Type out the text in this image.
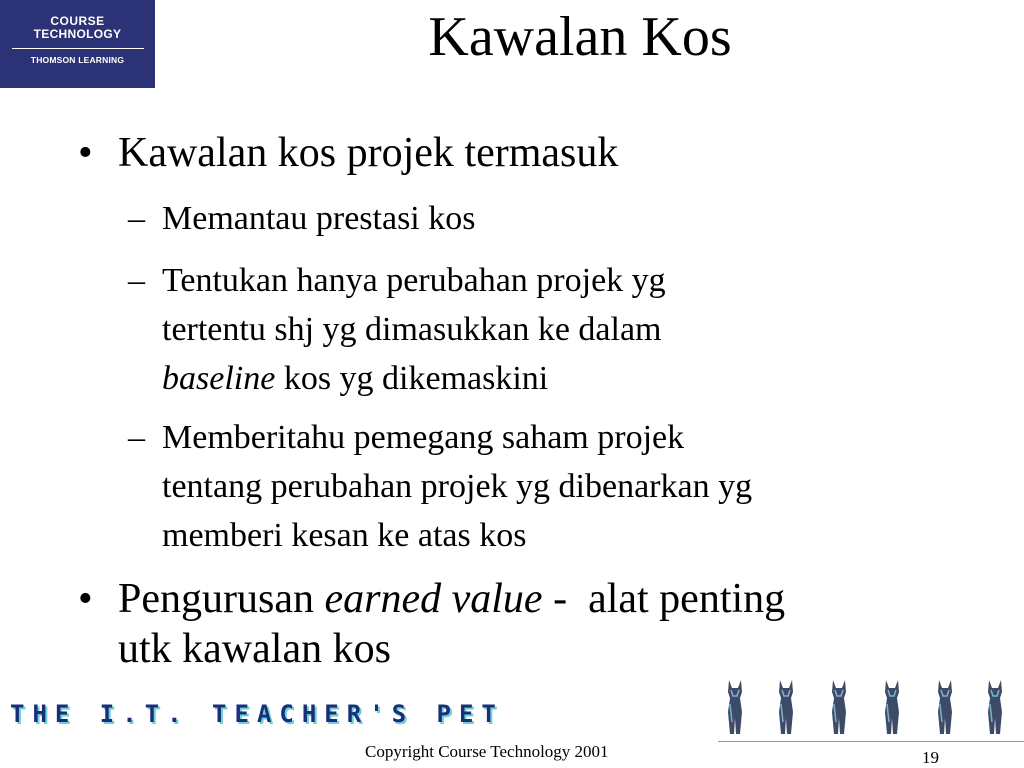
COURSE
TECHNOLOGY
THOMSON LEARNING	Kawalan Kos
• Kawalan kos projek termasuk
– Memantau prestasi kos
– Tentukan hanya perubahan projek yg
tertentu shj yg dimasukkan ke dalam
baseline kos yg dikemaskini
– Memberitahu pemegang saham projek
tentang perubahan projek yg dibenarkan yg
memberi kesan ke atas kos
• Pengurusan earned value -  alat penting
utk kawalan kos
THE I.T. TEACHER'S PET
Copyright Course Technology 2001	19
